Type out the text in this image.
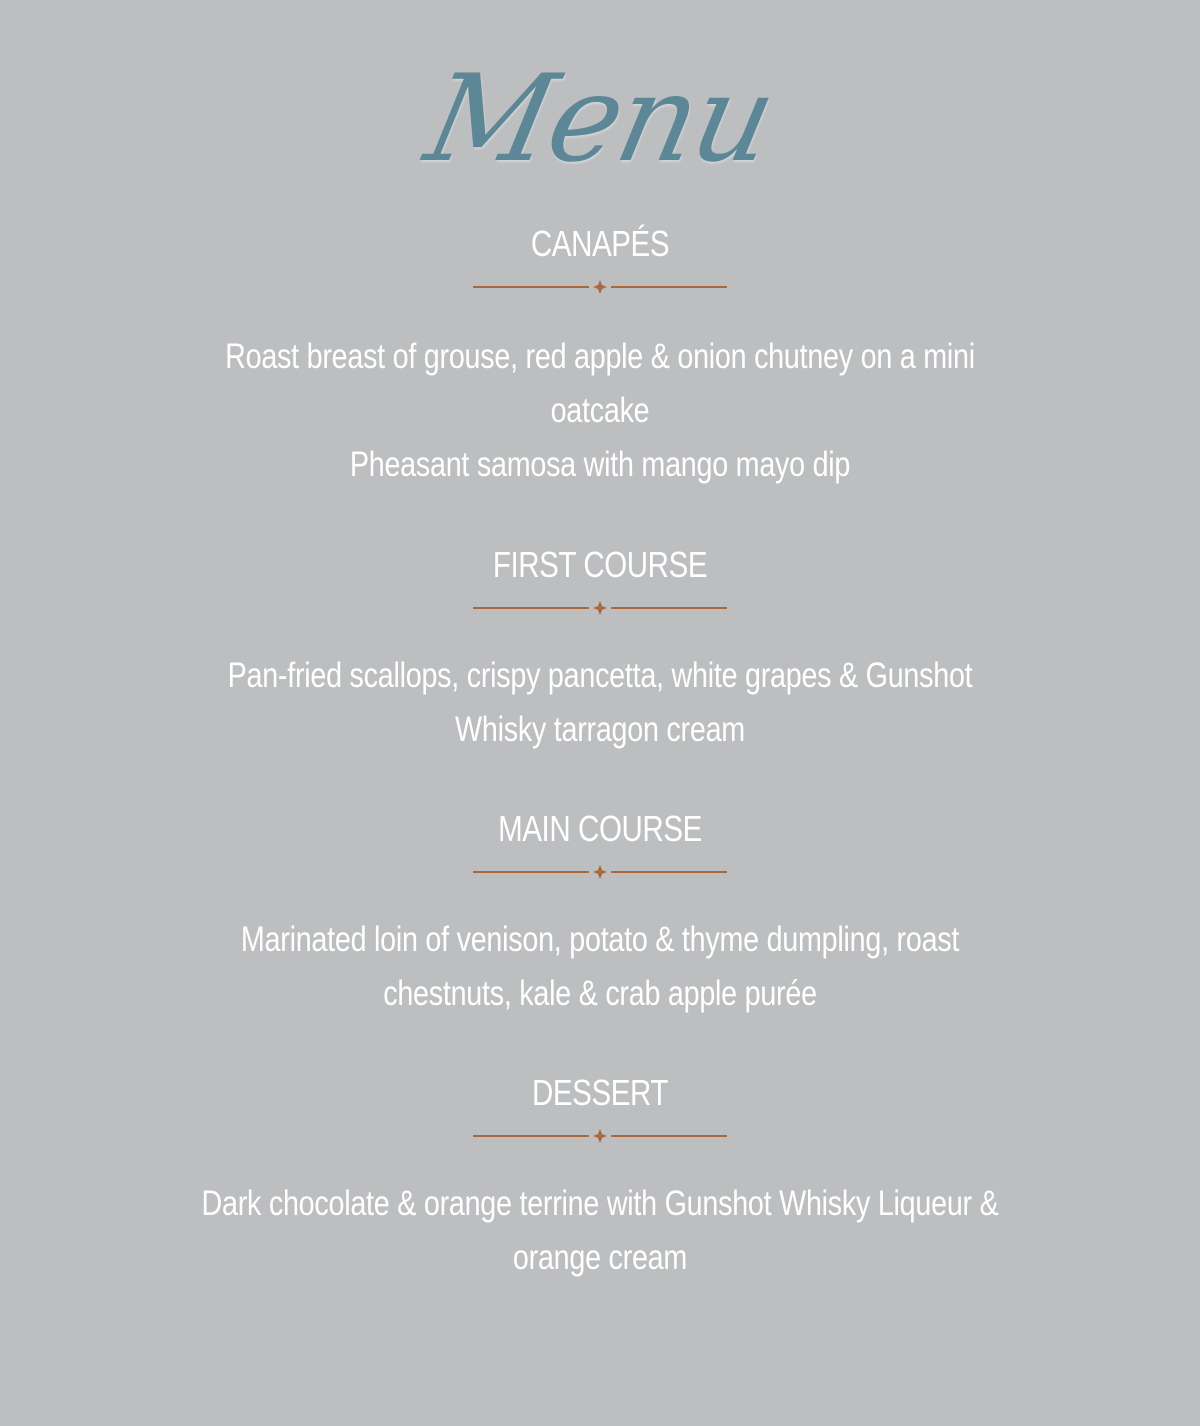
Menu
CANAPÉS
Roast breast of grouse, red apple & onion chutney on a mini
oatcake
Pheasant samosa with mango mayo dip
FIRST COURSE
Pan-fried scallops, crispy pancetta, white grapes & Gunshot
Whisky tarragon cream
MAIN COURSE
Marinated loin of venison, potato & thyme dumpling, roast
chestnuts, kale & crab apple purée
DESSERT
Dark chocolate & orange terrine with Gunshot Whisky Liqueur &
orange cream
